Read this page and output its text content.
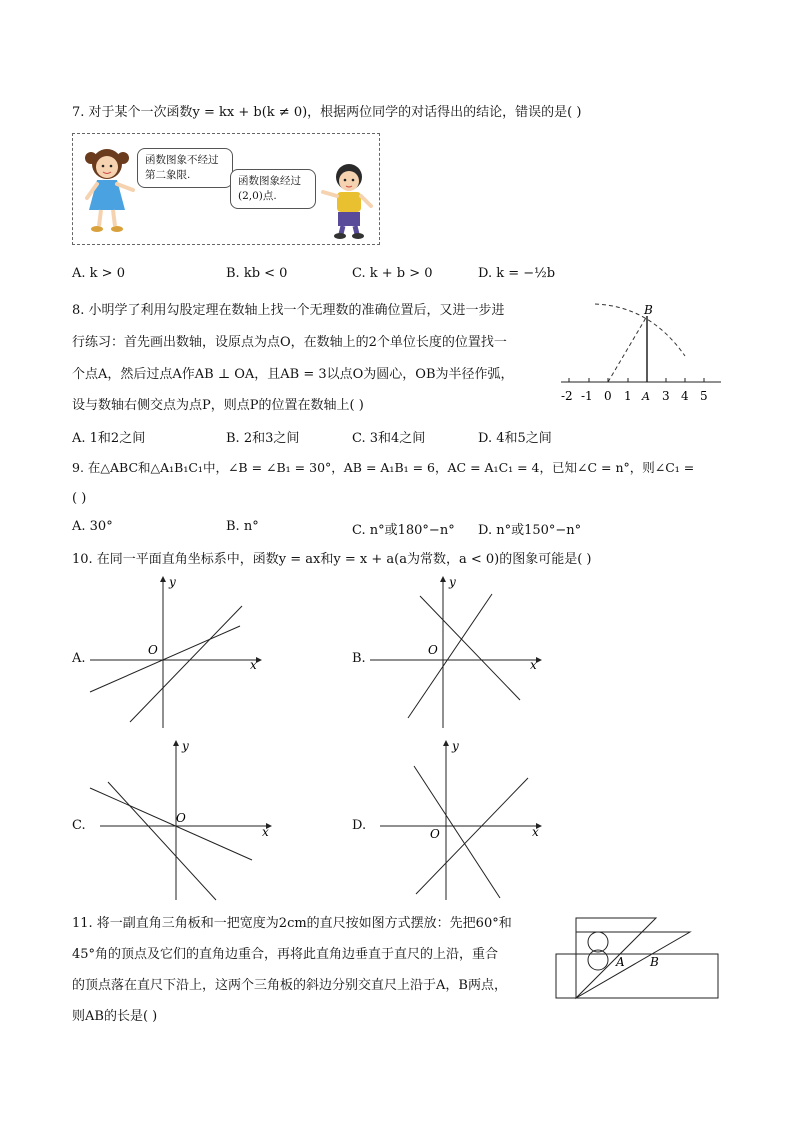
7. 对于某个一次函数y = kx + b(k ≠ 0)，根据两位同学的对话得出的结论，错误的是( )
函数图象不经过第二象限.	函数图象经过(2,0)点.
A. k > 0	B. kb < 0	C. k + b > 0	D. k = −½b
8. 小明学了利用勾股定理在数轴上找一个无理数的准确位置后，又进一步进
行练习：首先画出数轴，设原点为点O，在数轴上的2个单位长度的位置找一
个点A，然后过点A作AB ⊥ OA，且AB = 3以点O为圆心，OB为半径作弧，
设与数轴右侧交点为点P，则点P的位置在数轴上( )
B
A
-2 -1 0 1	3 4 5
A. 1和2之间	B. 2和3之间	C. 3和4之间	D. 4和5之间
9. 在△ABC和△A₁B₁C₁中，∠B = ∠B₁ = 30°，AB = A₁B₁ = 6，AC = A₁C₁ = 4，已知∠C = n°，则∠C₁ =
( )
A. 30°	B. n°	C. n°或180°−n° D. n°或150°−n°
10. 在同一平面直角坐标系中，函数y = ax和y = x + a(a为常数，a < 0)的图象可能是( )
A.
y
x
O
B.
y
x
O
C.
y
x
O	D.
y
x
O
11. 将一副直角三角板和一把宽度为2cm的直尺按如图方式摆放：先把60°和
45°角的顶点及它们的直角边重合，再将此直角边垂直于直尺的上沿，重合
的顶点落在直尺下沿上，这两个三角板的斜边分别交直尺上沿于A，B两点，
则AB的长是( )
A B
